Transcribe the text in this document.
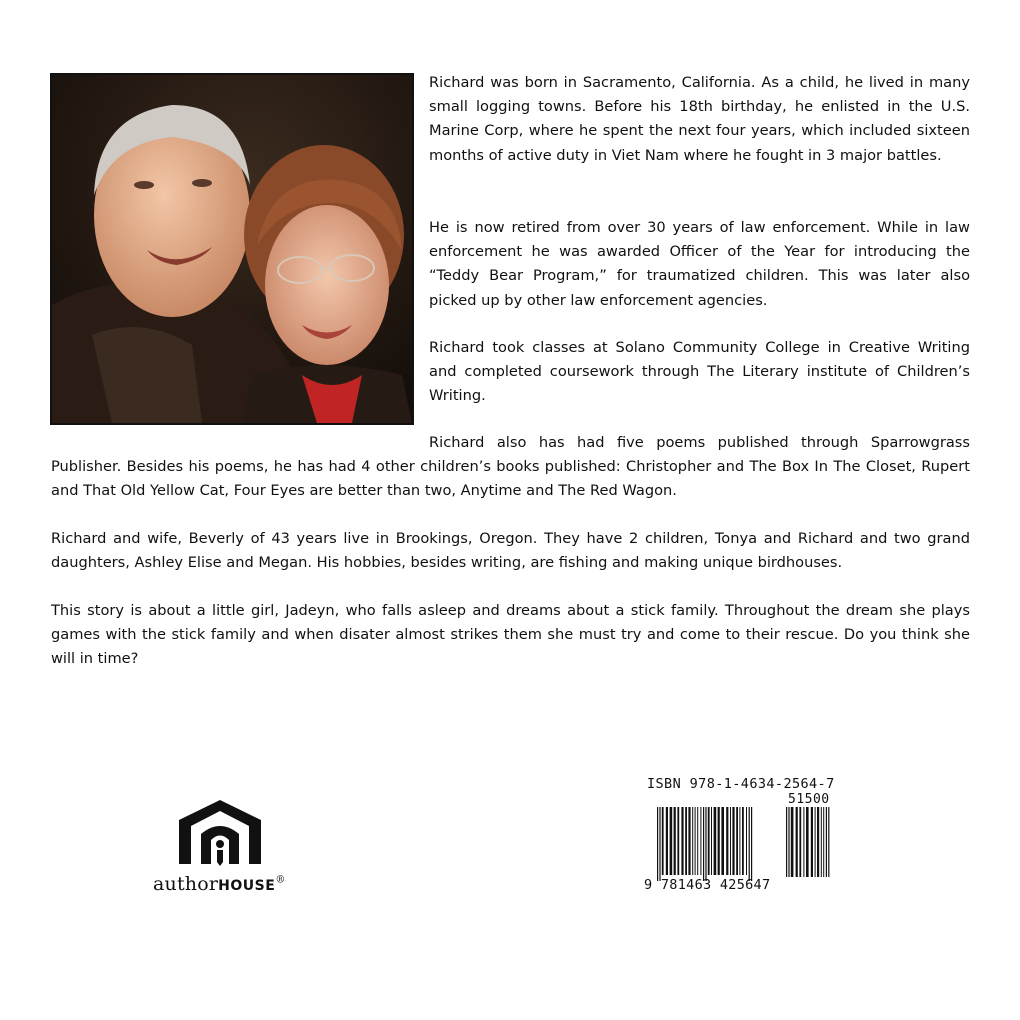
Richard was born in Sacramento, California. As a child, he lived in many small logging towns. Before his 18th birthday, he enlisted in the U.S. Marine Corp, where he spent the next four years, which included sixteen months of active duty in Viet Nam where he fought in 3 major battles.

He is now retired from over 30 years of law enforcement. While in law enforcement he was awarded Officer of the Year for introducing the “Teddy Bear Program,” for traumatized children. This was later also picked up by other law enforcement agencies.

Richard took classes at Solano Community College in Creative Writing and completed coursework through The Literary institute of Children’s Writing.

Richard also has had five poems published through Sparrowgrass Publisher. Besides his poems, he has had 4 other children’s books published: Christopher and The Box In The Closet, Rupert and That Old Yellow Cat, Four Eyes are better than two, Anytime and The Red Wagon.

Richard and wife, Beverly of 43 years live in Brookings, Oregon. They have 2 children, Tonya and Richard and two grand daughters, Ashley Elise and Megan. His hobbies, besides writing, are fishing and making unique birdhouses.

This story is about a little girl, Jadeyn, who falls asleep and dreams about a stick family. Throughout the dream she plays games with the stick family and when disater almost strikes them she must try and come to their rescue. Do you think she will in time?

authorHOUSE®

ISBN 978-1-4634-2564-7

51500

9 781463 425647
